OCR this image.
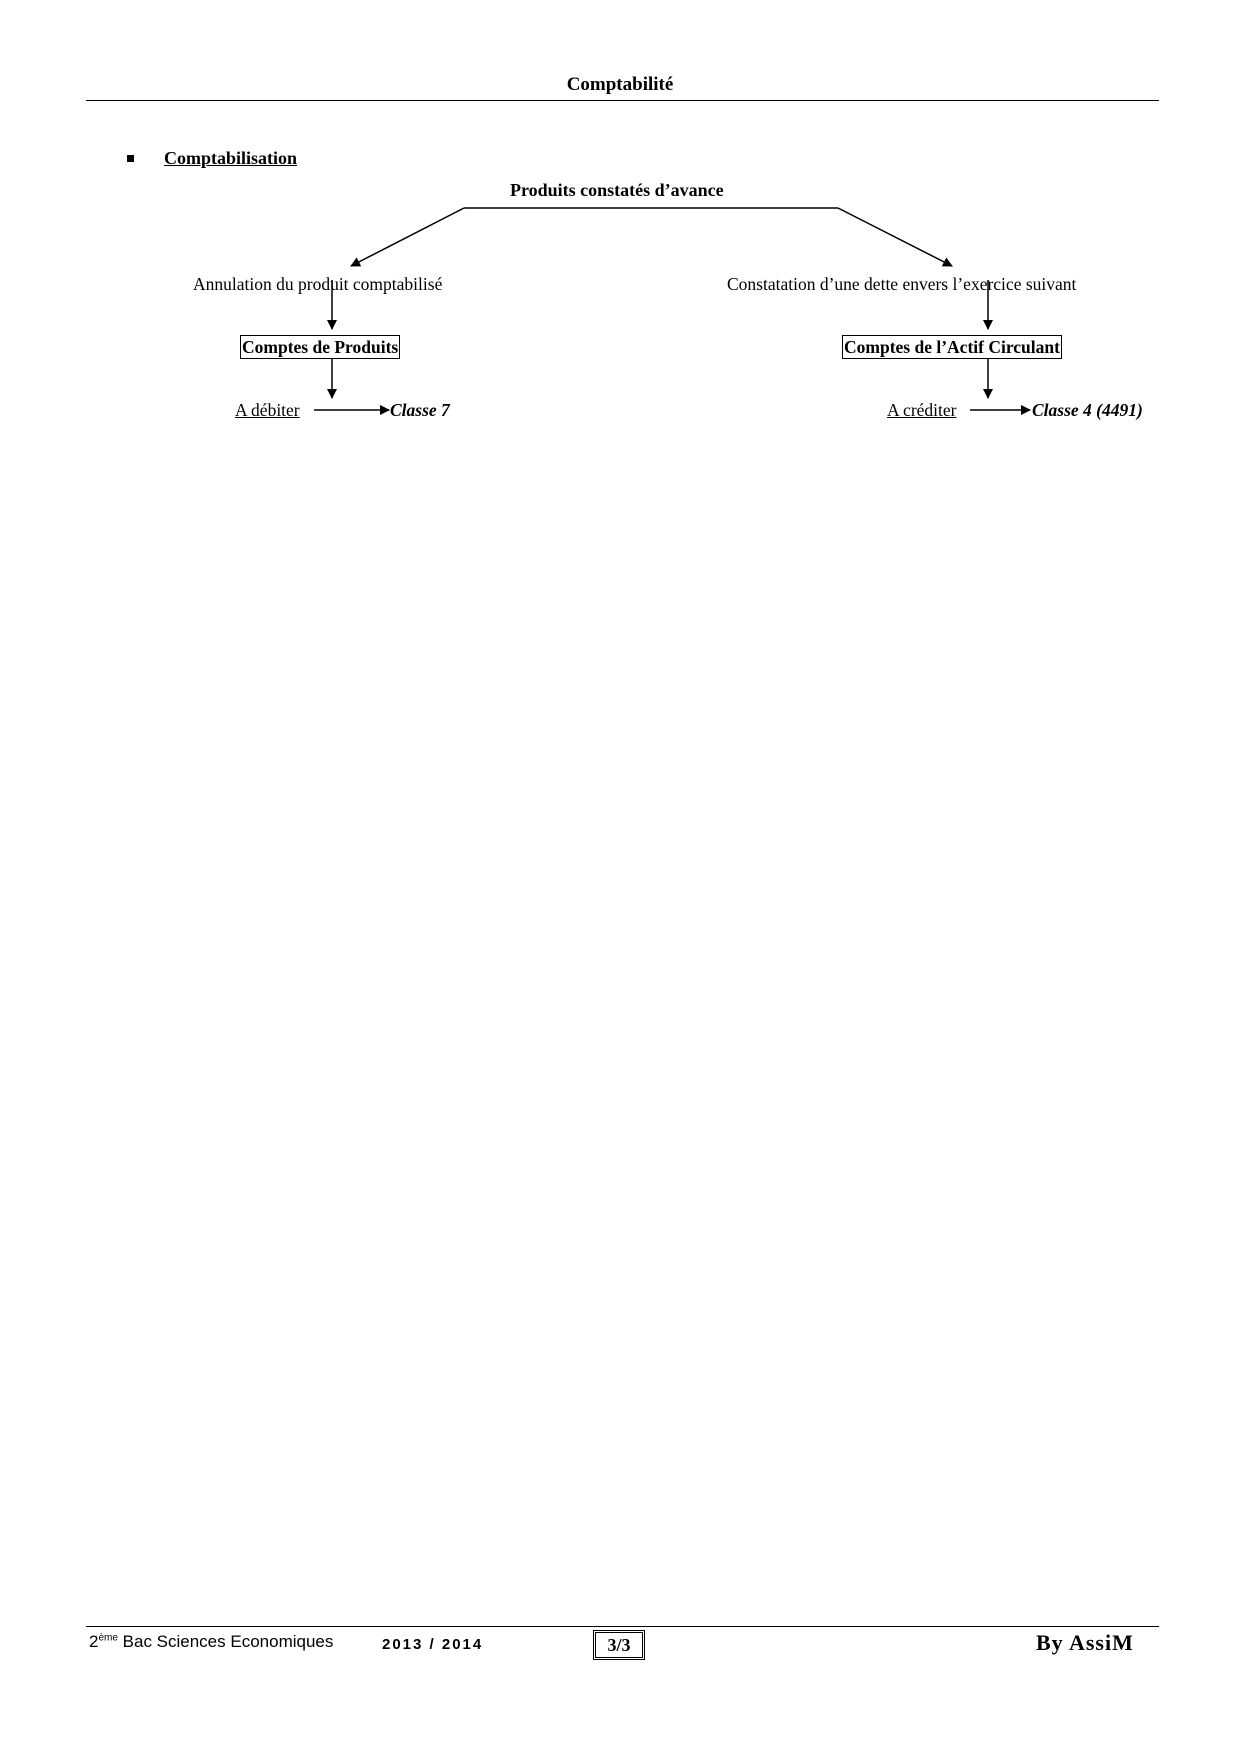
Comptabilité
Comptabilisation
Produits constatés d’avance
Annulation du produit comptabilisé	Constatation d’une dette envers l’exercice suivant
Comptes de Produits	Comptes de l’Actif Circulant
A débiter	A créditer
Classe 7	Classe 4 (4491)
2ème Bac Sciences Economiques	2013 / 2014	3/3	By AssiM
